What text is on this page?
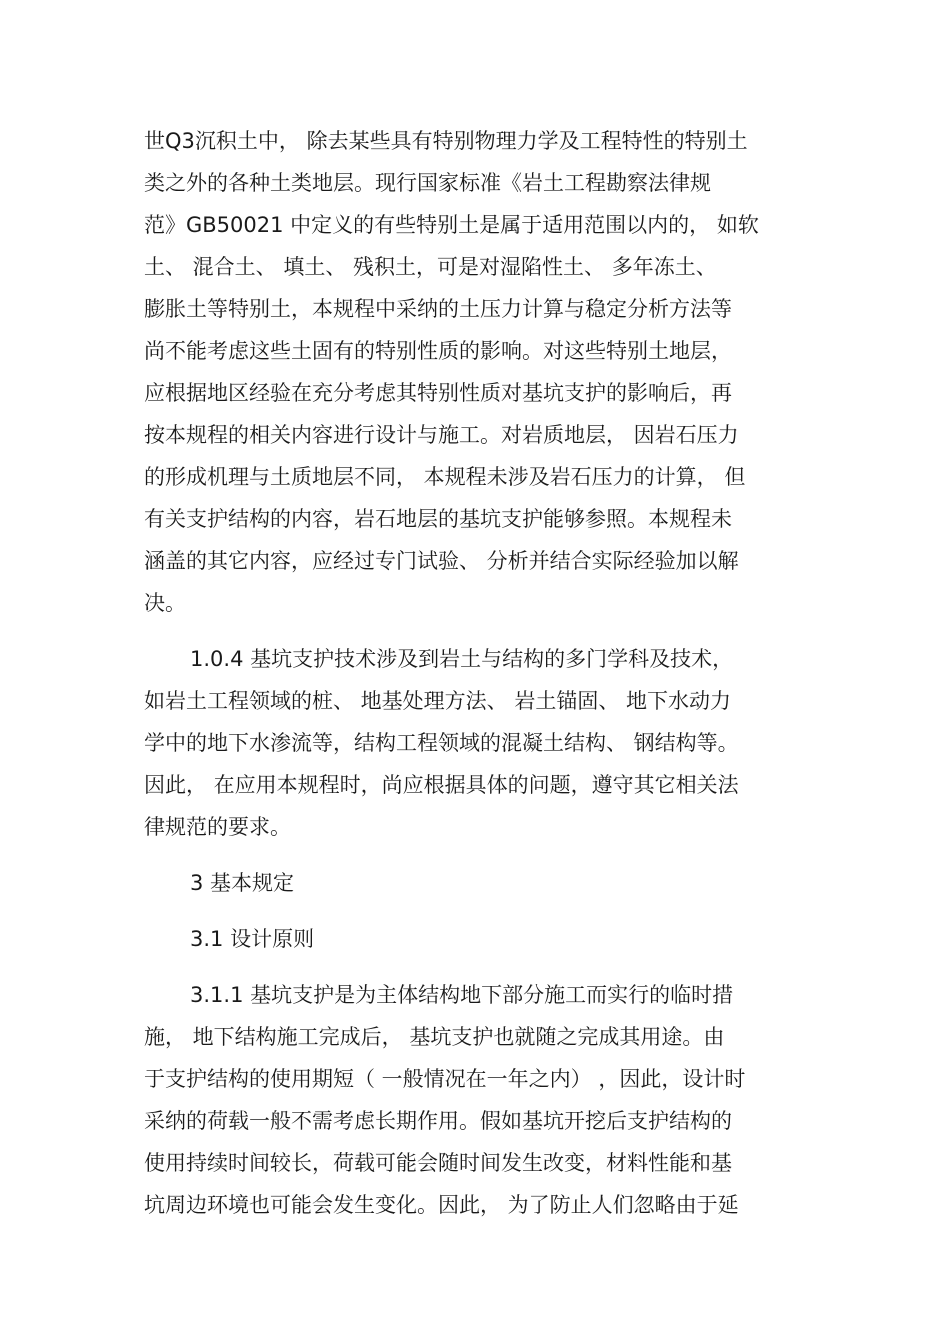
世Q3沉积土中， 除去某些具有特别物理力学及工程特性的特别土
类之外的各种土类地层。现行国家标准《岩土工程勘察法律规
范》GB50021 中定义的有些特别土是属于适用范围以内的， 如软
土、 混合土、 填土、 残积土，可是对湿陷性土、 多年冻土、
膨胀土等特别土，本规程中采纳的土压力计算与稳定分析方法等
尚不能考虑这些土固有的特别性质的影响。对这些特别土地层，
应根据地区经验在充分考虑其特别性质对基坑支护的影响后，再
按本规程的相关内容进行设计与施工。对岩质地层， 因岩石压力
的形成机理与土质地层不同， 本规程未涉及岩石压力的计算， 但
有关支护结构的内容，岩石地层的基坑支护能够参照。本规程未
涵盖的其它内容，应经过专门试验、 分析并结合实际经验加以解
决。
1.0.4 基坑支护技术涉及到岩土与结构的多门学科及技术，
如岩土工程领域的桩、 地基处理方法、 岩土锚固、 地下水动力
学中的地下水渗流等，结构工程领域的混凝土结构、 钢结构等。
因此， 在应用本规程时，尚应根据具体的问题，遵守其它相关法
律规范的要求。
3 基本规定
3.1 设计原则
3.1.1 基坑支护是为主体结构地下部分施工而实行的临时措
施， 地下结构施工完成后， 基坑支护也就随之完成其用途。由
于支护结构的使用期短（ 一般情况在一年之内） ，因此，设计时
采纳的荷载一般不需考虑长期作用。假如基坑开挖后支护结构的
使用持续时间较长，荷载可能会随时间发生改变，材料性能和基
坑周边环境也可能会发生变化。因此， 为了防止人们忽略由于延
